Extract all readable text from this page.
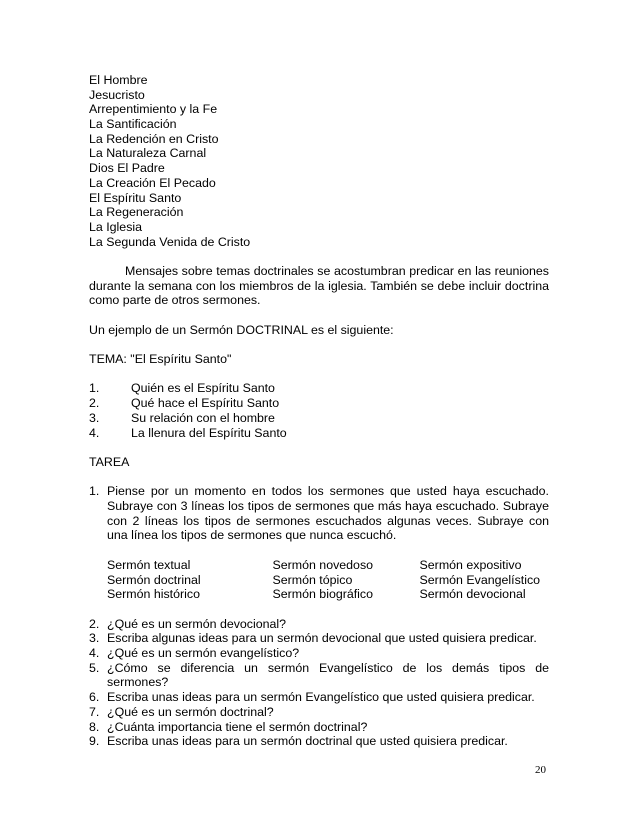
El Hombre
Jesucristo
Arrepentimiento y la Fe
La Santificación
La Redención en Cristo
La Naturaleza Carnal
Dios El Padre
La Creación El Pecado
El Espíritu Santo
La Regeneración
La Iglesia
La Segunda Venida de Cristo
Mensajes sobre temas doctrinales se acostumbran predicar en las reuniones durante la semana con los miembros de la iglesia. También se debe incluir doctrina como parte de otros sermones.
Un ejemplo de un Sermón DOCTRINAL es el siguiente:
TEMA: "El Espíritu Santo"
1.	Quién es el Espíritu Santo
2.	Qué hace el Espíritu Santo
3.	Su relación con el hombre
4.	La llenura del Espíritu Santo
TAREA
1. Piense por un momento en todos los sermones que usted haya escuchado. Subraye con 3 líneas los tipos de sermones que más haya escuchado. Subraye con 2 líneas los tipos de sermones escuchados algunas veces. Subraye con una línea los tipos de sermones que nunca escuchó.
Sermón textual	Sermón novedoso	Sermón expositivo
Sermón doctrinal	Sermón tópico	Sermón Evangelístico
Sermón histórico	Sermón biográfico	Sermón devocional
2. ¿Qué es un sermón devocional?
3. Escriba algunas ideas para un sermón devocional que usted quisiera predicar.
4. ¿Qué es un sermón evangelístico?
5. ¿Cómo se diferencia un sermón Evangelístico de los demás tipos de sermones?
6. Escriba unas ideas para un sermón Evangelístico que usted quisiera predicar.
7. ¿Qué es un sermón doctrinal?
8. ¿Cuánta importancia tiene el sermón doctrinal?
9. Escriba unas ideas para un sermón doctrinal que usted quisiera predicar.
20
